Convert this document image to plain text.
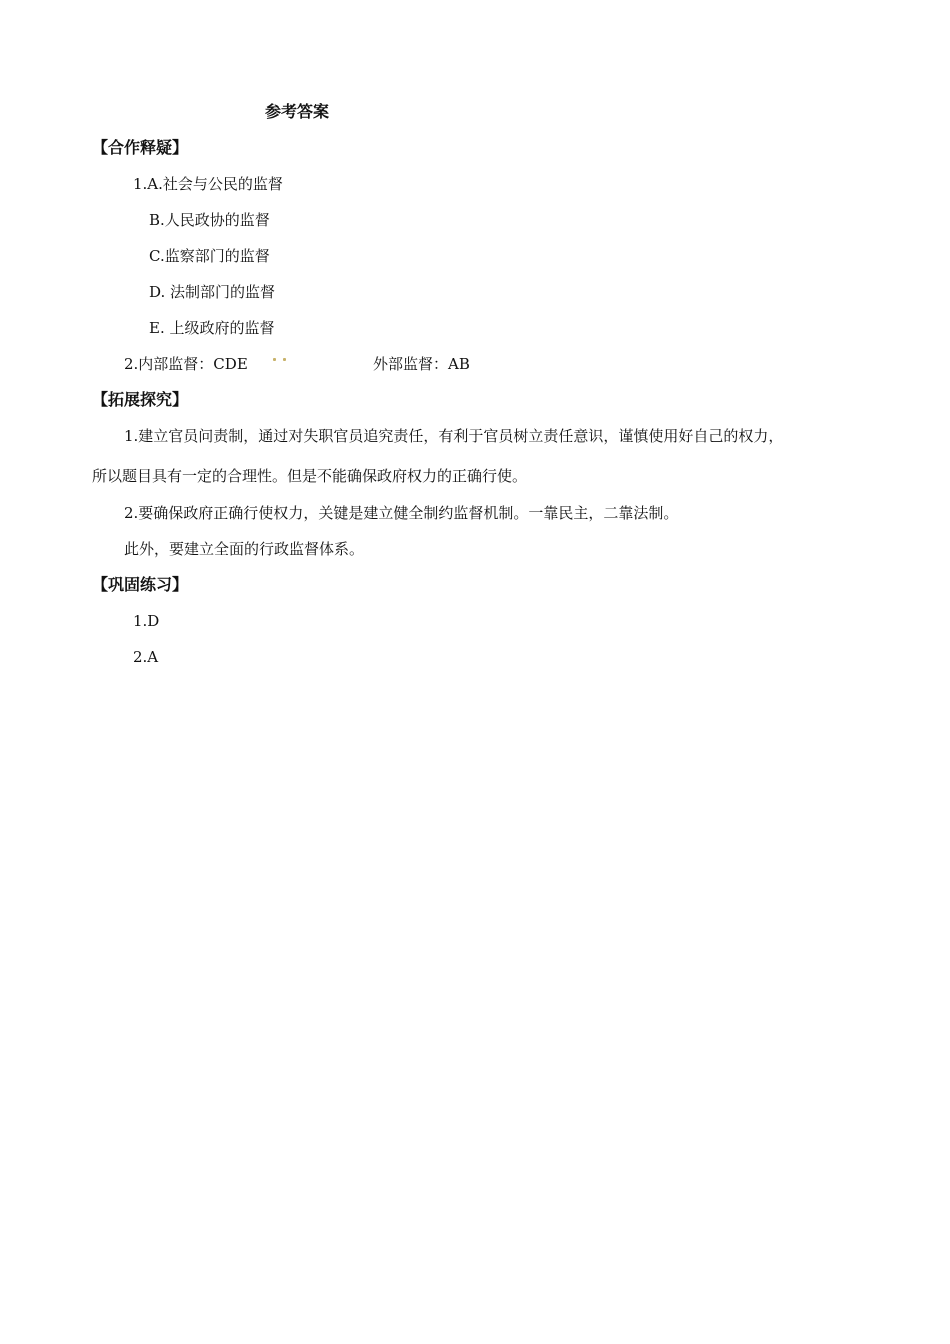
参考答案
【合作释疑】
1.A.社会与公民的监督
B.人民政协的监督
C.监察部门的监督
D. 法制部门的监督
E. 上级政府的监督
2.内部监督：CDE	外部监督：AB
【拓展探究】
1.建立官员问责制，通过对失职官员追究责任，有利于官员树立责任意识，谨慎使用好自己的权力，
所以题目具有一定的合理性。但是不能确保政府权力的正确行使。
2.要确保政府正确行使权力，关键是建立健全制约监督机制。一靠民主，二靠法制。
此外，要建立全面的行政监督体系。
【巩固练习】
1.D
2.A
